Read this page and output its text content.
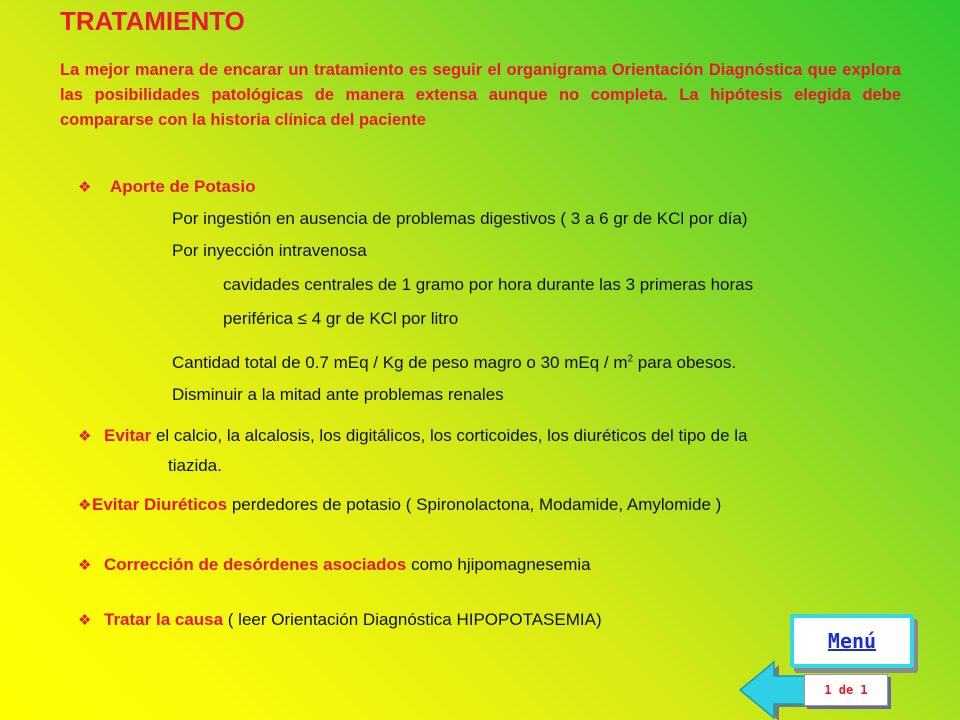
TRATAMIENTO
La mejor manera de encarar un tratamiento es seguir el organigrama Orientación Diagnóstica que explora las posibilidades patológicas de manera extensa aunque no completa. La hipótesis elegida debe compararse con la historia clínica del paciente
❖ Aporte de Potasio
Por ingestión en ausencia de problemas digestivos ( 3 a 6 gr de KCl por día)
Por inyección intravenosa
cavidades centrales de 1 gramo por hora durante las 3 primeras horas
periférica ≤ 4 gr de KCl por litro
Cantidad total de 0.7 mEq / Kg de peso magro o 30 mEq / $m^2$ para obesos.
Disminuir a la mitad ante problemas renales
❖ Evitar el calcio, la alcalosis, los digitálicos, los corticoides, los diuréticos del tipo de la
tiazida.
❖Evitar Diuréticos perdedores de potasio ( Spironolactona, Modamide, Amylomide )
❖ Corrección de desórdenes asociados como hjipomagnesemia
❖ Tratar la causa ( leer Orientación Diagnóstica HIPOPOTASEMIA)
Menú
1 de 1
